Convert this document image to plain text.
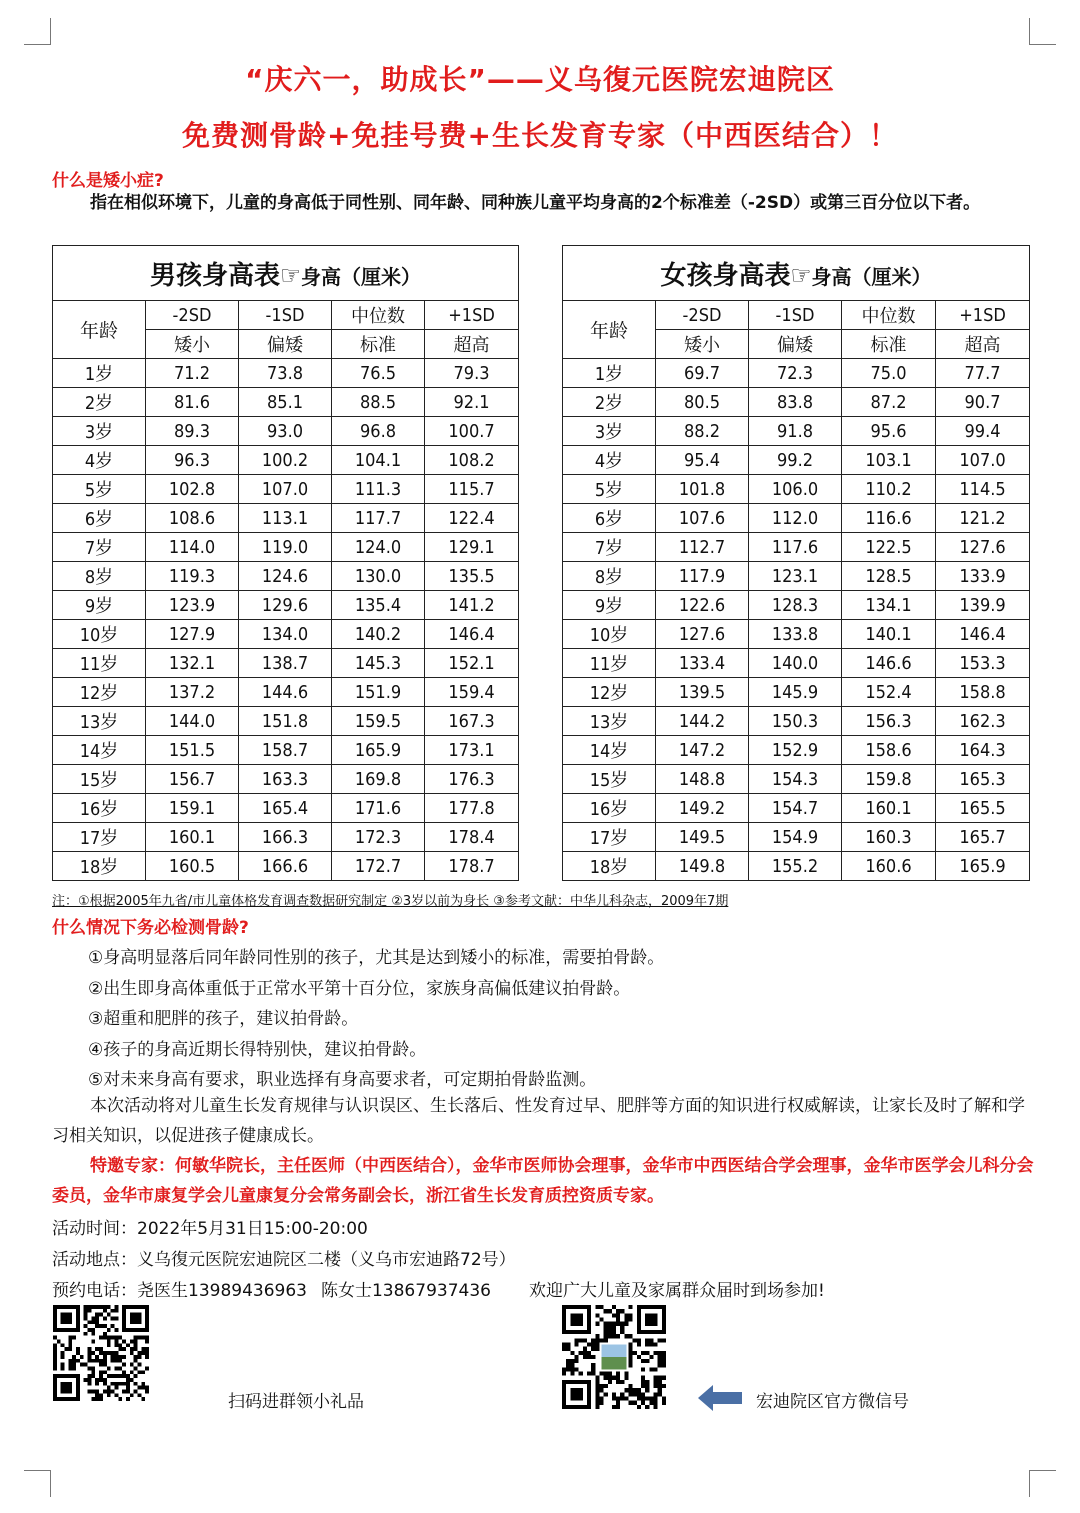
“庆六一，助成长”——义乌復元医院宏迪院区
免费测骨龄+免挂号费+生长发育专家（中西医结合）！
什么是矮小症?
指在相似环境下，儿童的身高低于同性别、同年龄、同种族儿童平均身高的2个标准差（-2SD）或第三百分位以下者。
男孩身高表☞身高（厘米）				
年龄	-2SD	-1SD	中位数	+1SD
	矮小	偏矮	标准	超高
1岁	71.2	73.8	76.5	79.3
2岁	81.6	85.1	88.5	92.1
3岁	89.3	93.0	96.8	100.7
4岁	96.3	100.2	104.1	108.2
5岁	102.8	107.0	111.3	115.7
6岁	108.6	113.1	117.7	122.4
7岁	114.0	119.0	124.0	129.1
8岁	119.3	124.6	130.0	135.5
9岁	123.9	129.6	135.4	141.2
10岁	127.9	134.0	140.2	146.4
11岁	132.1	138.7	145.3	152.1
12岁	137.2	144.6	151.9	159.4
13岁	144.0	151.8	159.5	167.3
14岁	151.5	158.7	165.9	173.1
15岁	156.7	163.3	169.8	176.3
16岁	159.1	165.4	171.6	177.8
17岁	160.1	166.3	172.3	178.4
18岁	160.5	166.6	172.7	178.7
女孩身高表☞身高（厘米）				
年龄	-2SD	-1SD	中位数	+1SD
	矮小	偏矮	标准	超高
1岁	69.7	72.3	75.0	77.7
2岁	80.5	83.8	87.2	90.7
3岁	88.2	91.8	95.6	99.4
4岁	95.4	99.2	103.1	107.0
5岁	101.8	106.0	110.2	114.5
6岁	107.6	112.0	116.6	121.2
7岁	112.7	117.6	122.5	127.6
8岁	117.9	123.1	128.5	133.9
9岁	122.6	128.3	134.1	139.9
10岁	127.6	133.8	140.1	146.4
11岁	133.4	140.0	146.6	153.3
12岁	139.5	145.9	152.4	158.8
13岁	144.2	150.3	156.3	162.3
14岁	147.2	152.9	158.6	164.3
15岁	148.8	154.3	159.8	165.3
16岁	149.2	154.7	160.1	165.5
17岁	149.5	154.9	160.3	165.7
18岁	149.8	155.2	160.6	165.9
注：①根据2005年九省/市儿童体格发育调查数据研究制定 ②3岁以前为身长 ③参考文献：中华儿科杂志，2009年7期
什么情况下务必检测骨龄?
①身高明显落后同年龄同性别的孩子，尤其是达到矮小的标准，需要拍骨龄。
②出生即身高体重低于正常水平第十百分位，家族身高偏低建议拍骨龄。
③超重和肥胖的孩子，建议拍骨龄。
④孩子的身高近期长得特别快，建议拍骨龄。
⑤对未来身高有要求，职业选择有身高要求者，可定期拍骨龄监测。
本次活动将对儿童生长发育规律与认识误区、生长落后、性发育过早、肥胖等方面的知识进行权威解读，让家长及时了解和学习相关知识，以促进孩子健康成长。
特邀专家：何敏华院长，主任医师（中西医结合），金华市医师协会理事，金华市中西医结合学会理事，金华市医学会儿科分会委员，金华市康复学会儿童康复分会常务副会长，浙江省生长发育质控资质专家。
活动时间：2022年5月31日15:00-20:00
活动地点：义乌復元医院宏迪院区二楼（义乌市宏迪路72号）
预约电话：尧医生13989436963 陈女士13867937436 欢迎广大儿童及家属群众届时到场参加!
扫码进群领小礼品	宏迪院区官方微信号
